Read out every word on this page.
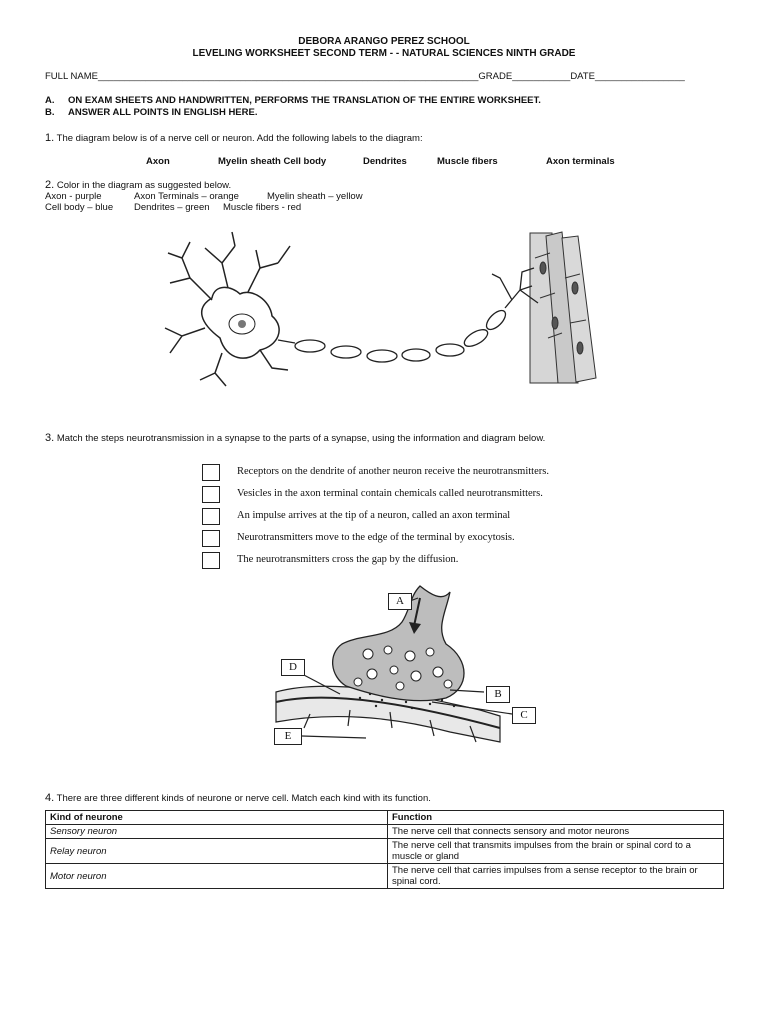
DEBORA ARANGO PEREZ SCHOOL
LEVELING WORKSHEET SECOND TERM - - NATURAL SCIENCES NINTH GRADE
FULL NAME________________________________________________________________________GRADE___________DATE_________________
A. ON EXAM SHEETS AND HANDWRITTEN, PERFORMS THE TRANSLATION OF THE ENTIRE WORKSHEET.
B. ANSWER ALL POINTS IN ENGLISH HERE.
1. The diagram below is of a nerve cell or neuron. Add the following labels to the diagram:
Axon	Myelin sheath Cell body	Dendrites	Muscle fibers	Axon terminals
2. Color in the diagram as suggested below.
Axon - purple	Axon Terminals – orange	Myelin sheath – yellow
Cell body – blue Dendrites – green Muscle fibers - red
3. Match the steps neurotransmission in a synapse to the parts of a synapse, using the information and diagram below.
Receptors on the dendrite of another neuron receive the neurotransmitters.
Vesicles in the axon terminal contain chemicals called neurotransmitters.
An impulse arrives at the tip of a neuron, called an axon terminal
Neurotransmitters move to the edge of the terminal by exocytosis.
The neurotransmitters cross the gap by the diffusion.
A
B
C
D
E
4. There are three different kinds of neurone or nerve cell. Match each kind with its function.
Kind of neurone	Function
Sensory neuron	The nerve cell that connects sensory and motor neurons
Relay neuron	The nerve cell that transmits impulses from the brain or spinal cord to a muscle or gland
Motor neuron	The nerve cell that carries impulses from a sense receptor to the brain or spinal cord.
